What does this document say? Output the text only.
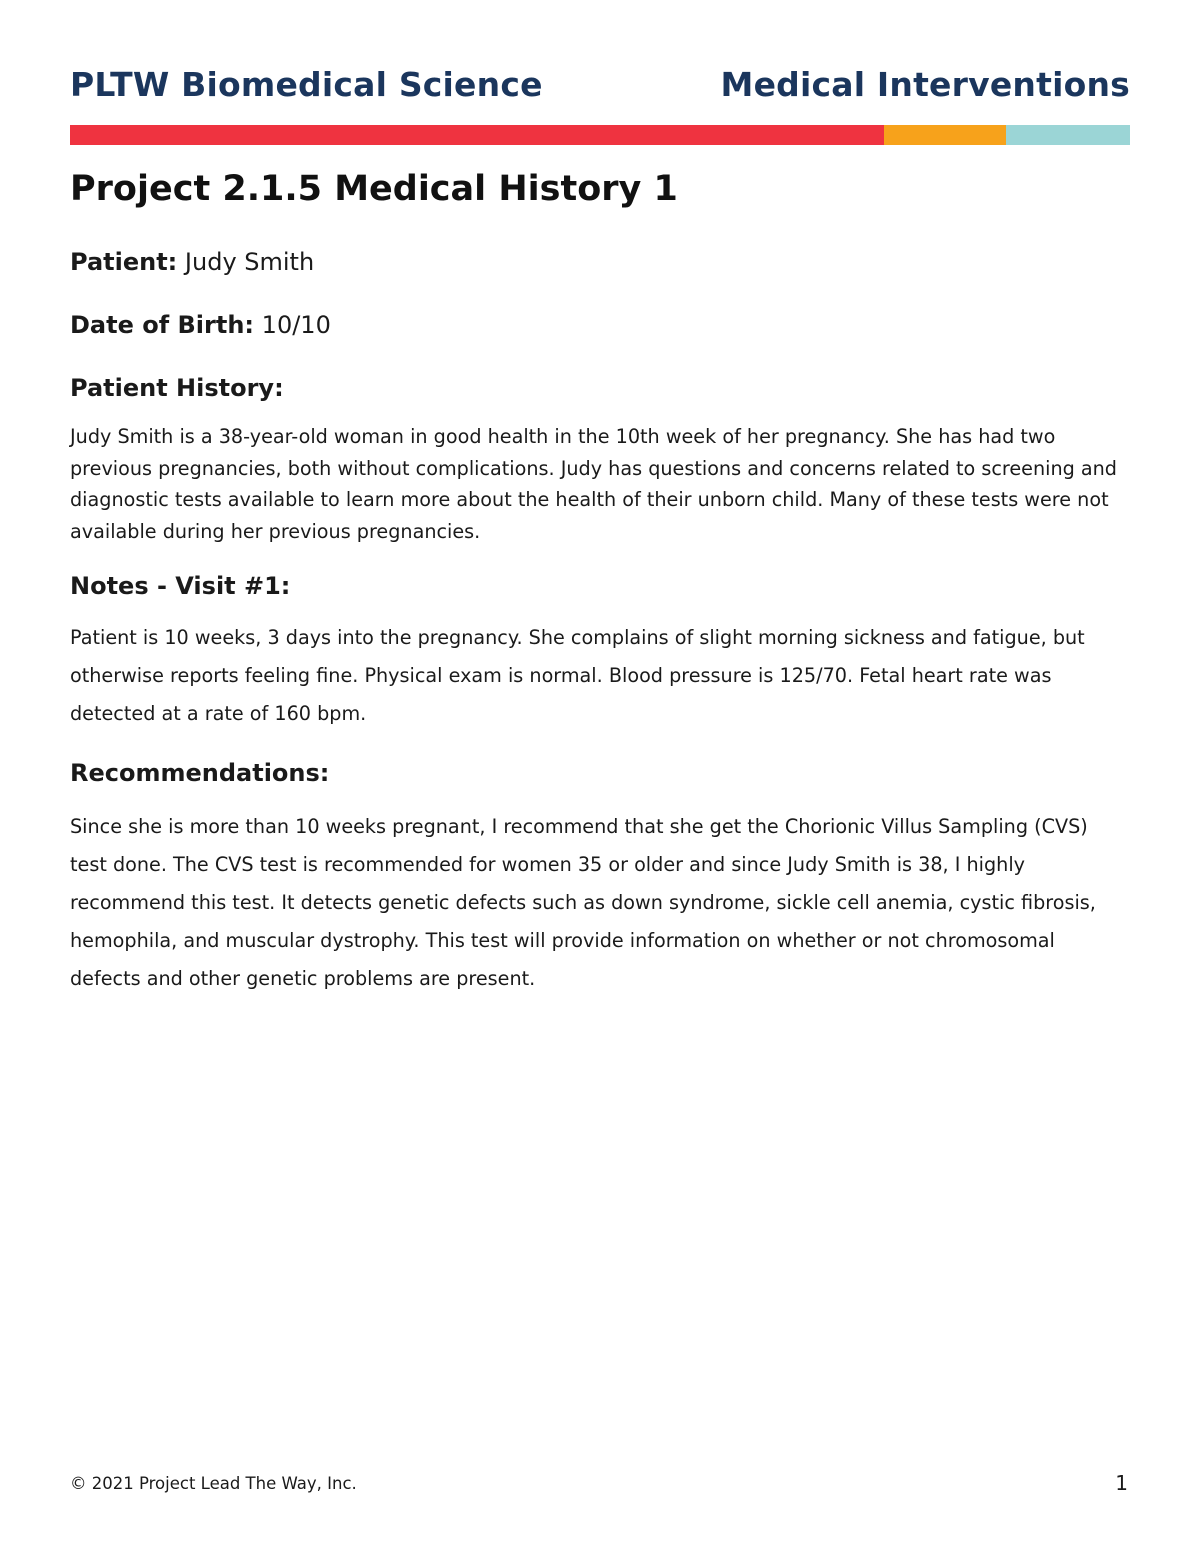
PLTW Biomedical Science	Medical Interventions
Project 2.1.5 Medical History 1

Patient: Judy Smith

Date of Birth: 10/10

Patient History:

Judy Smith is a 38-year-old woman in good health in the 10th week of her pregnancy. She has had two previous pregnancies, both without complications. Judy has questions and concerns related to screening and diagnostic tests available to learn more about the health of their unborn child. Many of these tests were not available during her previous pregnancies.

Notes - Visit #1:

Patient is 10 weeks, 3 days into the pregnancy. She complains of slight morning sickness and fatigue, but otherwise reports feeling fine. Physical exam is normal. Blood pressure is 125/70. Fetal heart rate was detected at a rate of 160 bpm.

Recommendations:

Since she is more than 10 weeks pregnant, I recommend that she get the Chorionic Villus Sampling (CVS) test done. The CVS test is recommended for women 35 or older and since Judy Smith is 38, I highly recommend this test. It detects genetic defects such as down syndrome, sickle cell anemia, cystic fibrosis, hemophila, and muscular dystrophy. This test will provide information on whether or not chromosomal defects and other genetic problems are present.

© 2021 Project Lead The Way, Inc.	1
